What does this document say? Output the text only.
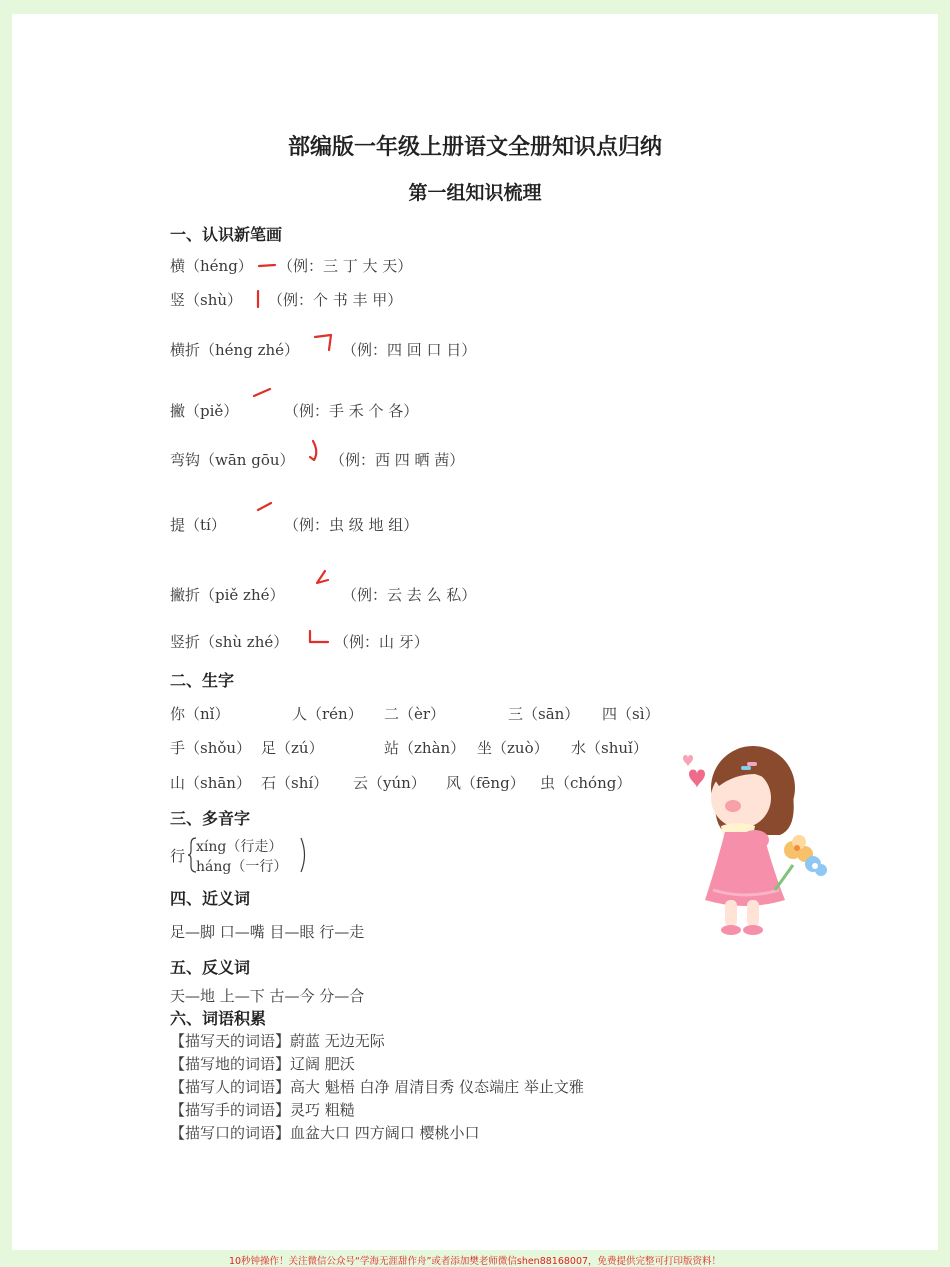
部编版一年级上册语文全册知识点归纳
第一组知识梳理
一、认识新笔画
横（héng） （例：三 丁 大 天）
竖（shù） （例：个 书 丰 甲）
横折（héng zhé）	（例：四 回 口 日）
撇（piě）	（例：手 禾 个 各）
弯钩（wān gōu） （例：西 四 晒 茜）
提（tí）	（例：虫 级 地 组）
撇折（piě zhé）	（例：云 去 么 私）
竖折（shù zhé）	（例：山 牙）
二、生字
你（nǐ）	人（rén） 二（èr）	三（sān） 四（sì）
手（shǒu） 足（zú）	站（zhàn） 坐（zuò） 水（shuǐ）
山（shān） 石（shí） 云（yún） 风（fēng） 虫（chóng）
三、多音字
行 xíng（行走）
háng（一行）
四、近义词
足—脚 口—嘴 目—眼 行—走
五、反义词
天—地 上—下 古—今 分—合
六、词语积累
【描写天的词语】蔚蓝 无边无际
【描写地的词语】辽阔 肥沃
【描写人的词语】高大 魁梧 白净 眉清目秀 仪态端庄 举止文雅
【描写手的词语】灵巧 粗糙
【描写口的词语】血盆大口 四方阔口 樱桃小口
10秒钟操作！关注微信公众号“学海无涯甜作舟”或者添加樊老师微信shen88168007，免费提供完整可打印版资料！
